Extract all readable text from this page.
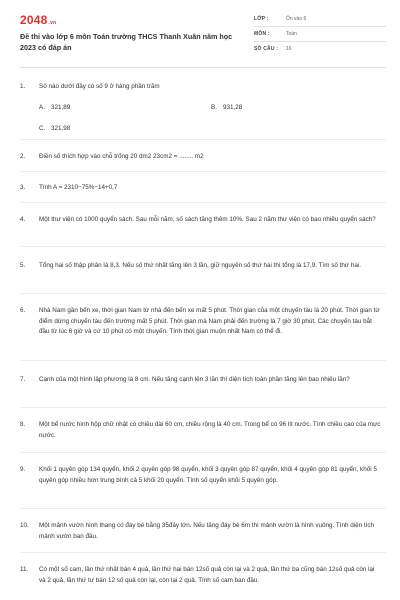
2048.vn
Đề thi vào lớp 6 môn Toán trường THCS Thanh Xuân năm học 2023 có đáp án
LỚP :	Ôn vào 6
MÔN :	Toán
SỐ CÂU :	16
1.	Số nào dưới đây có số 9 ở hàng phần trăm
A. 321,89	B. 931,28
C. 321,98
2.	Điền số thích hợp vào chỗ trống 20 dm2 23cm2 = ........ m2
3.	Tính A = 2310−75%−14+0,7
4.	Một thư viện có 1000 quyển sách. Sau mỗi năm, số sách tăng thêm 10%. Sau 2 năm thư viện có bao nhiêu quyển sách?
5.	Tổng hai số thập phân là 8,3. Nếu số thứ nhất tăng lên 3 lần, giữ nguyên số thứ hai thì tổng là 17,9. Tìm số thứ hai.
6.	Nhà Nam gần bến xe, thời gian Nam từ nhà đến bến xe mất 5 phút. Thời gian của một chuyến tàu là 20 phút. Thời gian từ điểm dừng chuyến tàu đến trường mất 5 phút. Thời gian mà Nam phải đến trường là 7 giờ 30 phút. Các chuyến tàu bắt đầu từ lúc 6 giờ và cứ 10 phút có một chuyến. Tính thời gian muộn nhất Nam có thể đi.
7.	Cạnh của một hình lập phương là 8 cm. Nếu tăng cạnh lên 3 lần thì diện tích toàn phần tăng lên bao nhiêu lần?
8.	Một bể nước hình hộp chữ nhật có chiều dài 60 cm, chiều rộng là 40 cm. Trong bể có 96 lít nước. Tính chiều cao của mực nước.
9.	Khối 1 quyên góp 134 quyển, khối 2 quyên góp 98 quyển, khối 3 quyên góp 87 quyển, khối 4 quyên góp 81 quyển, khối 5 quyên góp nhiều hơn trung bình cả 5 khối 20 quyển. Tính số quyển khối 5 quyên góp.
10.	Một mảnh vườn hình thang có đáy bé bằng 35đáy lớn. Nếu tăng đáy bé 6m thì mảnh vườn là hình vuông. Tính diện tích mảnh vườn ban đầu.
11.	Có một số cam, lần thứ nhất bán 4 quả, lần thứ hai bán 12số quả còn lại và 2 quả, lần thứ ba cũng bán 12số quả còn lại và 2 quả, lần thứ tư bán 12 số quả còn lại, còn lại 2 quả. Tính số cam ban đầu.
